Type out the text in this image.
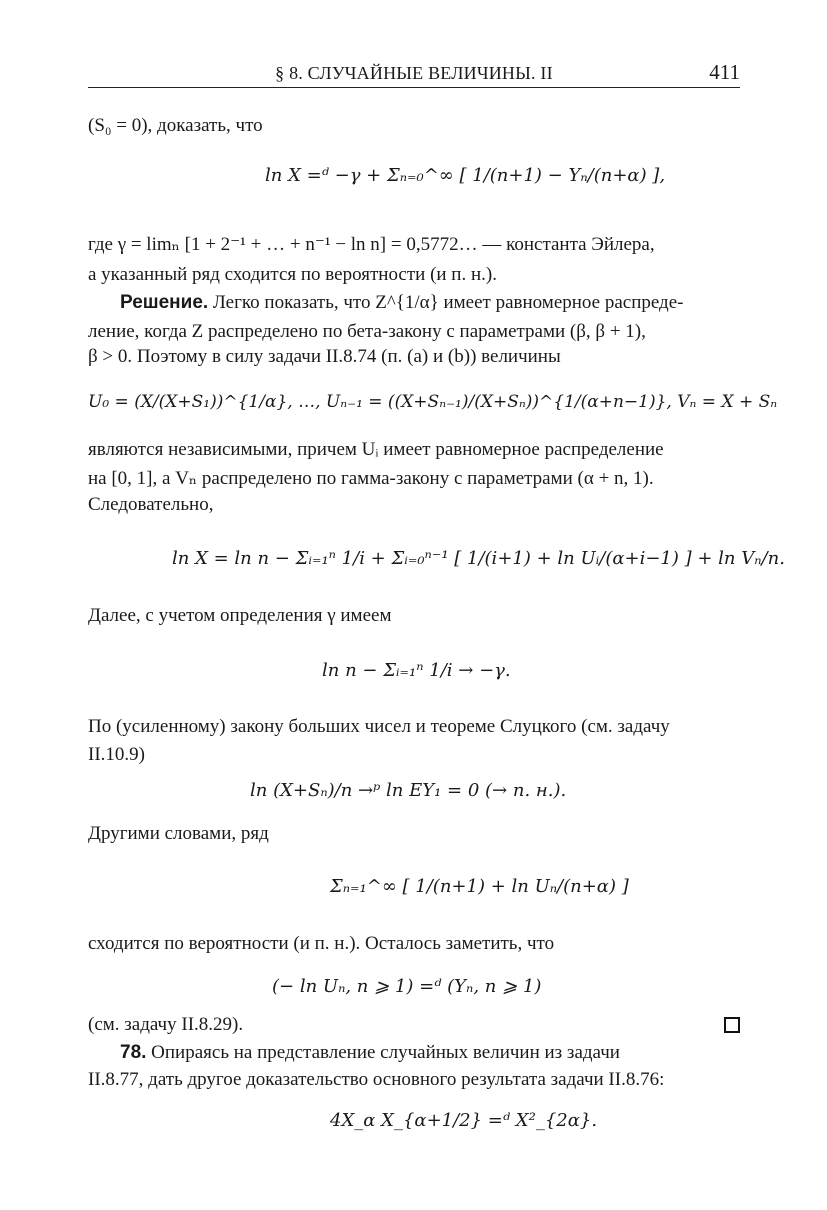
§ 8. СЛУЧАЙНЫЕ ВЕЛИЧИНЫ. II	411
(S₀ = 0), доказать, что
ln X =ᵈ −γ + Σₙ₌₀^∞ [ 1/(n+1) − Yₙ/(n+α) ],
где γ = limₙ [1 + 2⁻¹ + … + n⁻¹ − ln n] = 0,5772… — константа Эйлера,
а указанный ряд сходится по вероятности (и п. н.).
Решение. Легко показать, что Z^{1/α} имеет равномерное распреде-
ление, когда Z распределено по бета-закону с параметрами (β, β + 1),
β > 0. Поэтому в силу задачи II.8.74 (п. (a) и (b)) величины
U₀ = (X/(X+S₁))^{1/α}, …, Uₙ₋₁ = ((X+Sₙ₋₁)/(X+Sₙ))^{1/(α+n−1)}, Vₙ = X + Sₙ
являются независимыми, причем Uᵢ имеет равномерное распределение
на [0, 1], а Vₙ распределено по гамма-закону с параметрами (α + n, 1).
Следовательно,
ln X = ln n − Σᵢ₌₁ⁿ 1/i + Σᵢ₌₀ⁿ⁻¹ [ 1/(i+1) + ln Uᵢ/(α+i−1) ] + ln Vₙ/n.
Далее, с учетом определения γ имеем
ln n − Σᵢ₌₁ⁿ 1/i → −γ.
По (усиленному) закону больших чисел и теореме Слуцкого (см. задачу
II.10.9)
ln (X+Sₙ)/n →ᵖ ln EY₁ = 0 (→ п. н.).
Другими словами, ряд
Σₙ₌₁^∞ [ 1/(n+1) + ln Uₙ/(n+α) ]
сходится по вероятности (и п. н.). Осталось заметить, что
(− ln Uₙ, n ⩾ 1) =ᵈ (Yₙ, n ⩾ 1)
(см. задачу II.8.29).
78. Опираясь на представление случайных величин из задачи
II.8.77, дать другое доказательство основного результата задачи II.8.76:
4X_α X_{α+1/2} =ᵈ X²_{2α}.
